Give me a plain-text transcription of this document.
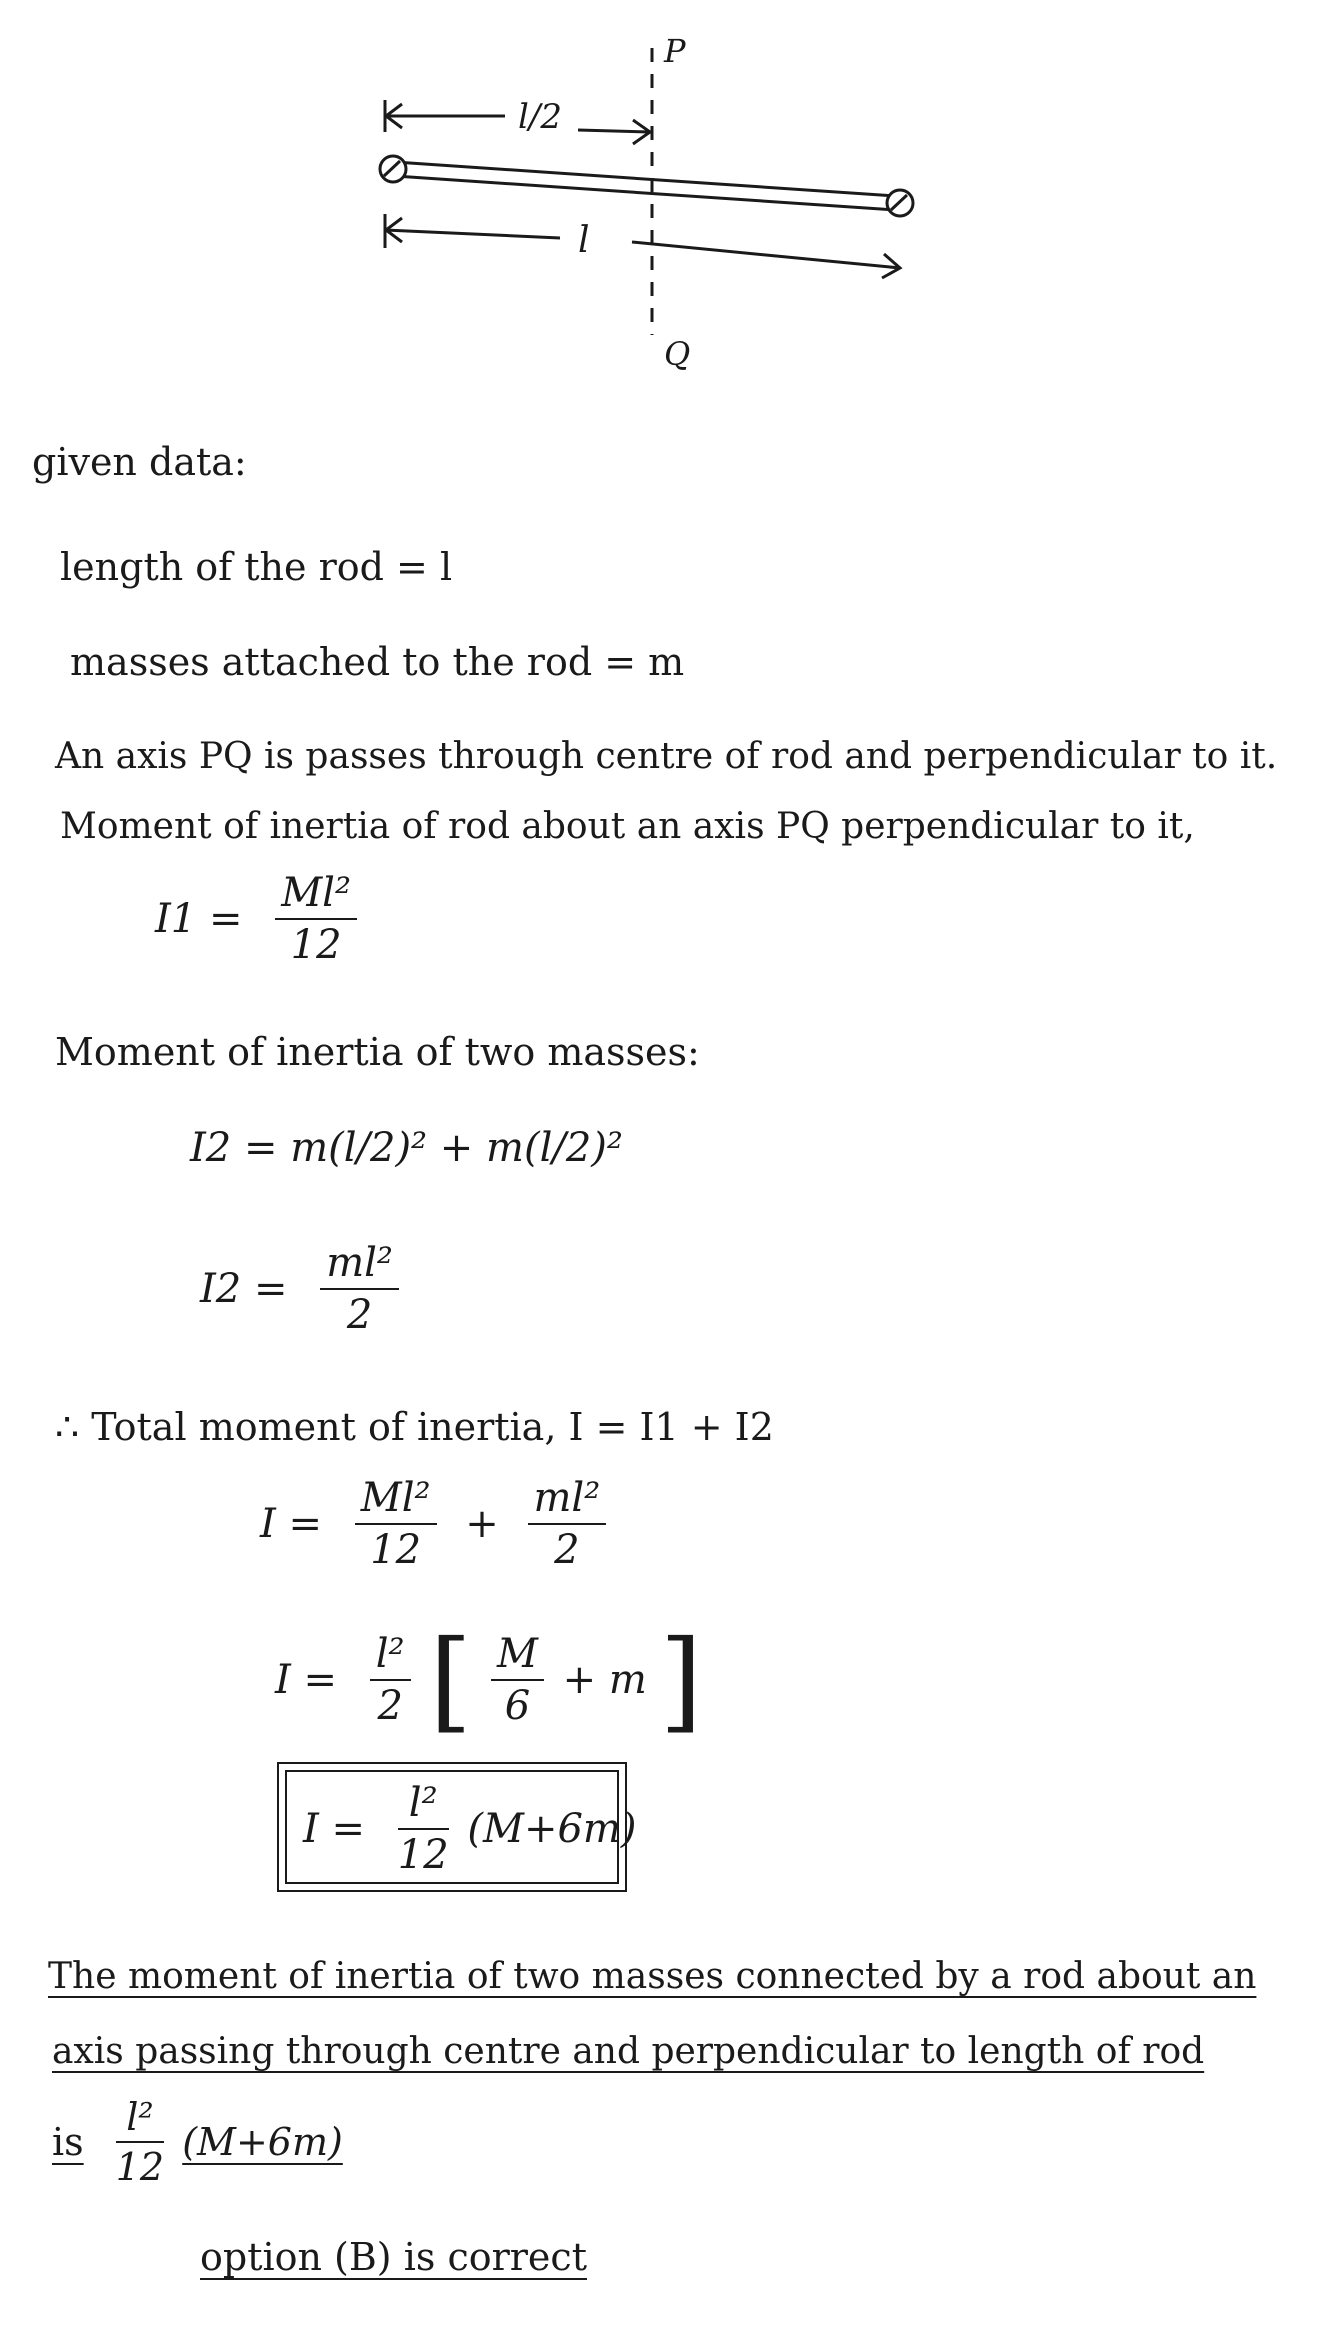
P
Q
l/2
l
given data:
length of the rod = l
masses attached to the rod = m
An axis PQ is passes through centre of rod and perpendicular to it.
Moment of inertia of rod about an axis PQ perpendicular to it,
$I1 = \frac{\text{Ml²}}{12}$
Moment of inertia of two masses:
I2 = m(l/2)² + m(l/2)²
$I2 = \frac{\text{ml²}}{2}$
∴ Total moment of inertia, I = I1 + I2
$I = \frac{\text{Ml²}}{12} + \frac{\text{ml²}}{2}$
$I = \frac{\text{l²}}{2}$ [ $\frac{M}{6} + m$ ]
$I = \frac{\text{l²}}{12} (M+6m)$
The moment of inertia of two masses connected by a rod about an
axis passing through centre and perpendicular to length of rod
is $\frac{\text{l²}}{12} (M+6m)$
option (B) is correct
